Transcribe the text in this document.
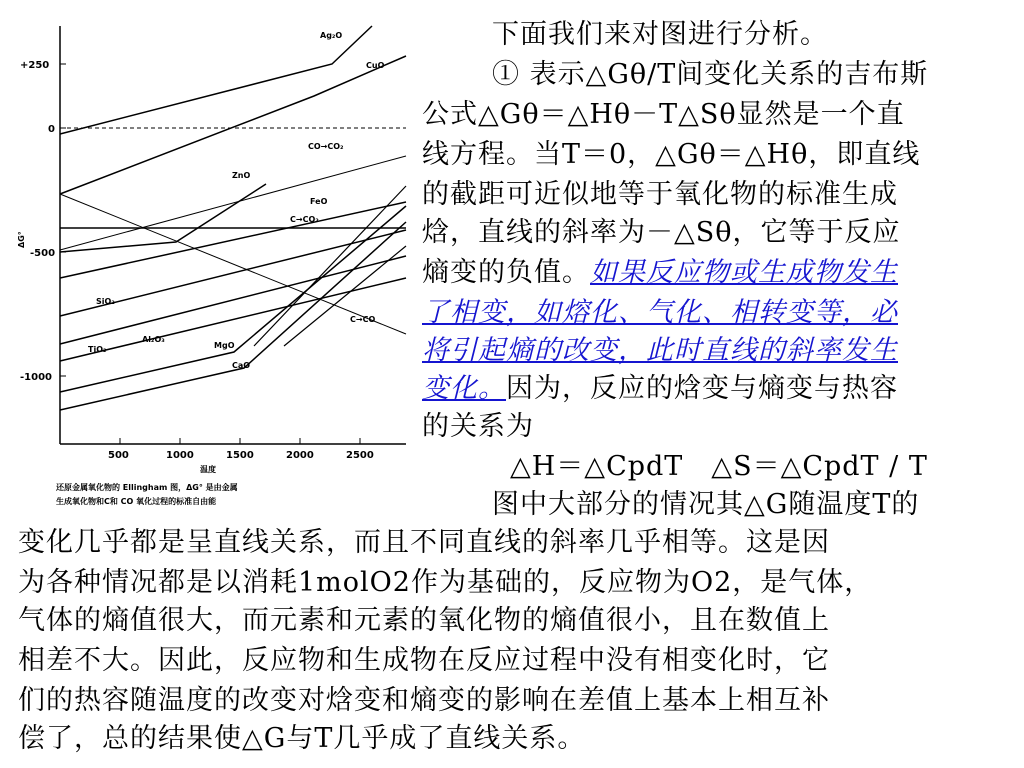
+250
0
-500
-1000
ΔG°
500	1000	1500	2000	2500
温度
Ag₂O
CuO
CO→CO₂
ZnO
FeO
C→CO₂
SiO₂
C→CO
Al₂O₃
MgO
TiO₂
CaO
还原金属氧化物的 Ellingham 图，ΔG° 是由金属
生成氧化物和C和 CO 氧化过程的标准自由能
下面我们来对图进行分析。
① 表示△Gθ/T间变化关系的吉布斯
公式△Gθ＝△Hθ－T△Sθ显然是一个直
线方程。当T＝0，△Gθ＝△Hθ，即直线
的截距可近似地等于氧化物的标准生成
焓，直线的斜率为－△Sθ，它等于反应
熵变的负值。如果反应物或生成物发生
了相变，如熔化、气化、相转变等，必
将引起熵的改变，此时直线的斜率发生
变化。因为，反应的焓变与熵变与热容
的关系为
△H＝△CpdT　△S＝△CpdT / T
图中大部分的情况其△G随温度T的
变化几乎都是呈直线关系，而且不同直线的斜率几乎相等。这是因
为各种情况都是以消耗1molO2作为基础的，反应物为O2，是气体，
气体的熵值很大，而元素和元素的氧化物的熵值很小，且在数值上
相差不大。因此，反应物和生成物在反应过程中没有相变化时，它
们的热容随温度的改变对焓变和熵变的影响在差值上基本上相互补
偿了，总的结果使△G与T几乎成了直线关系。
